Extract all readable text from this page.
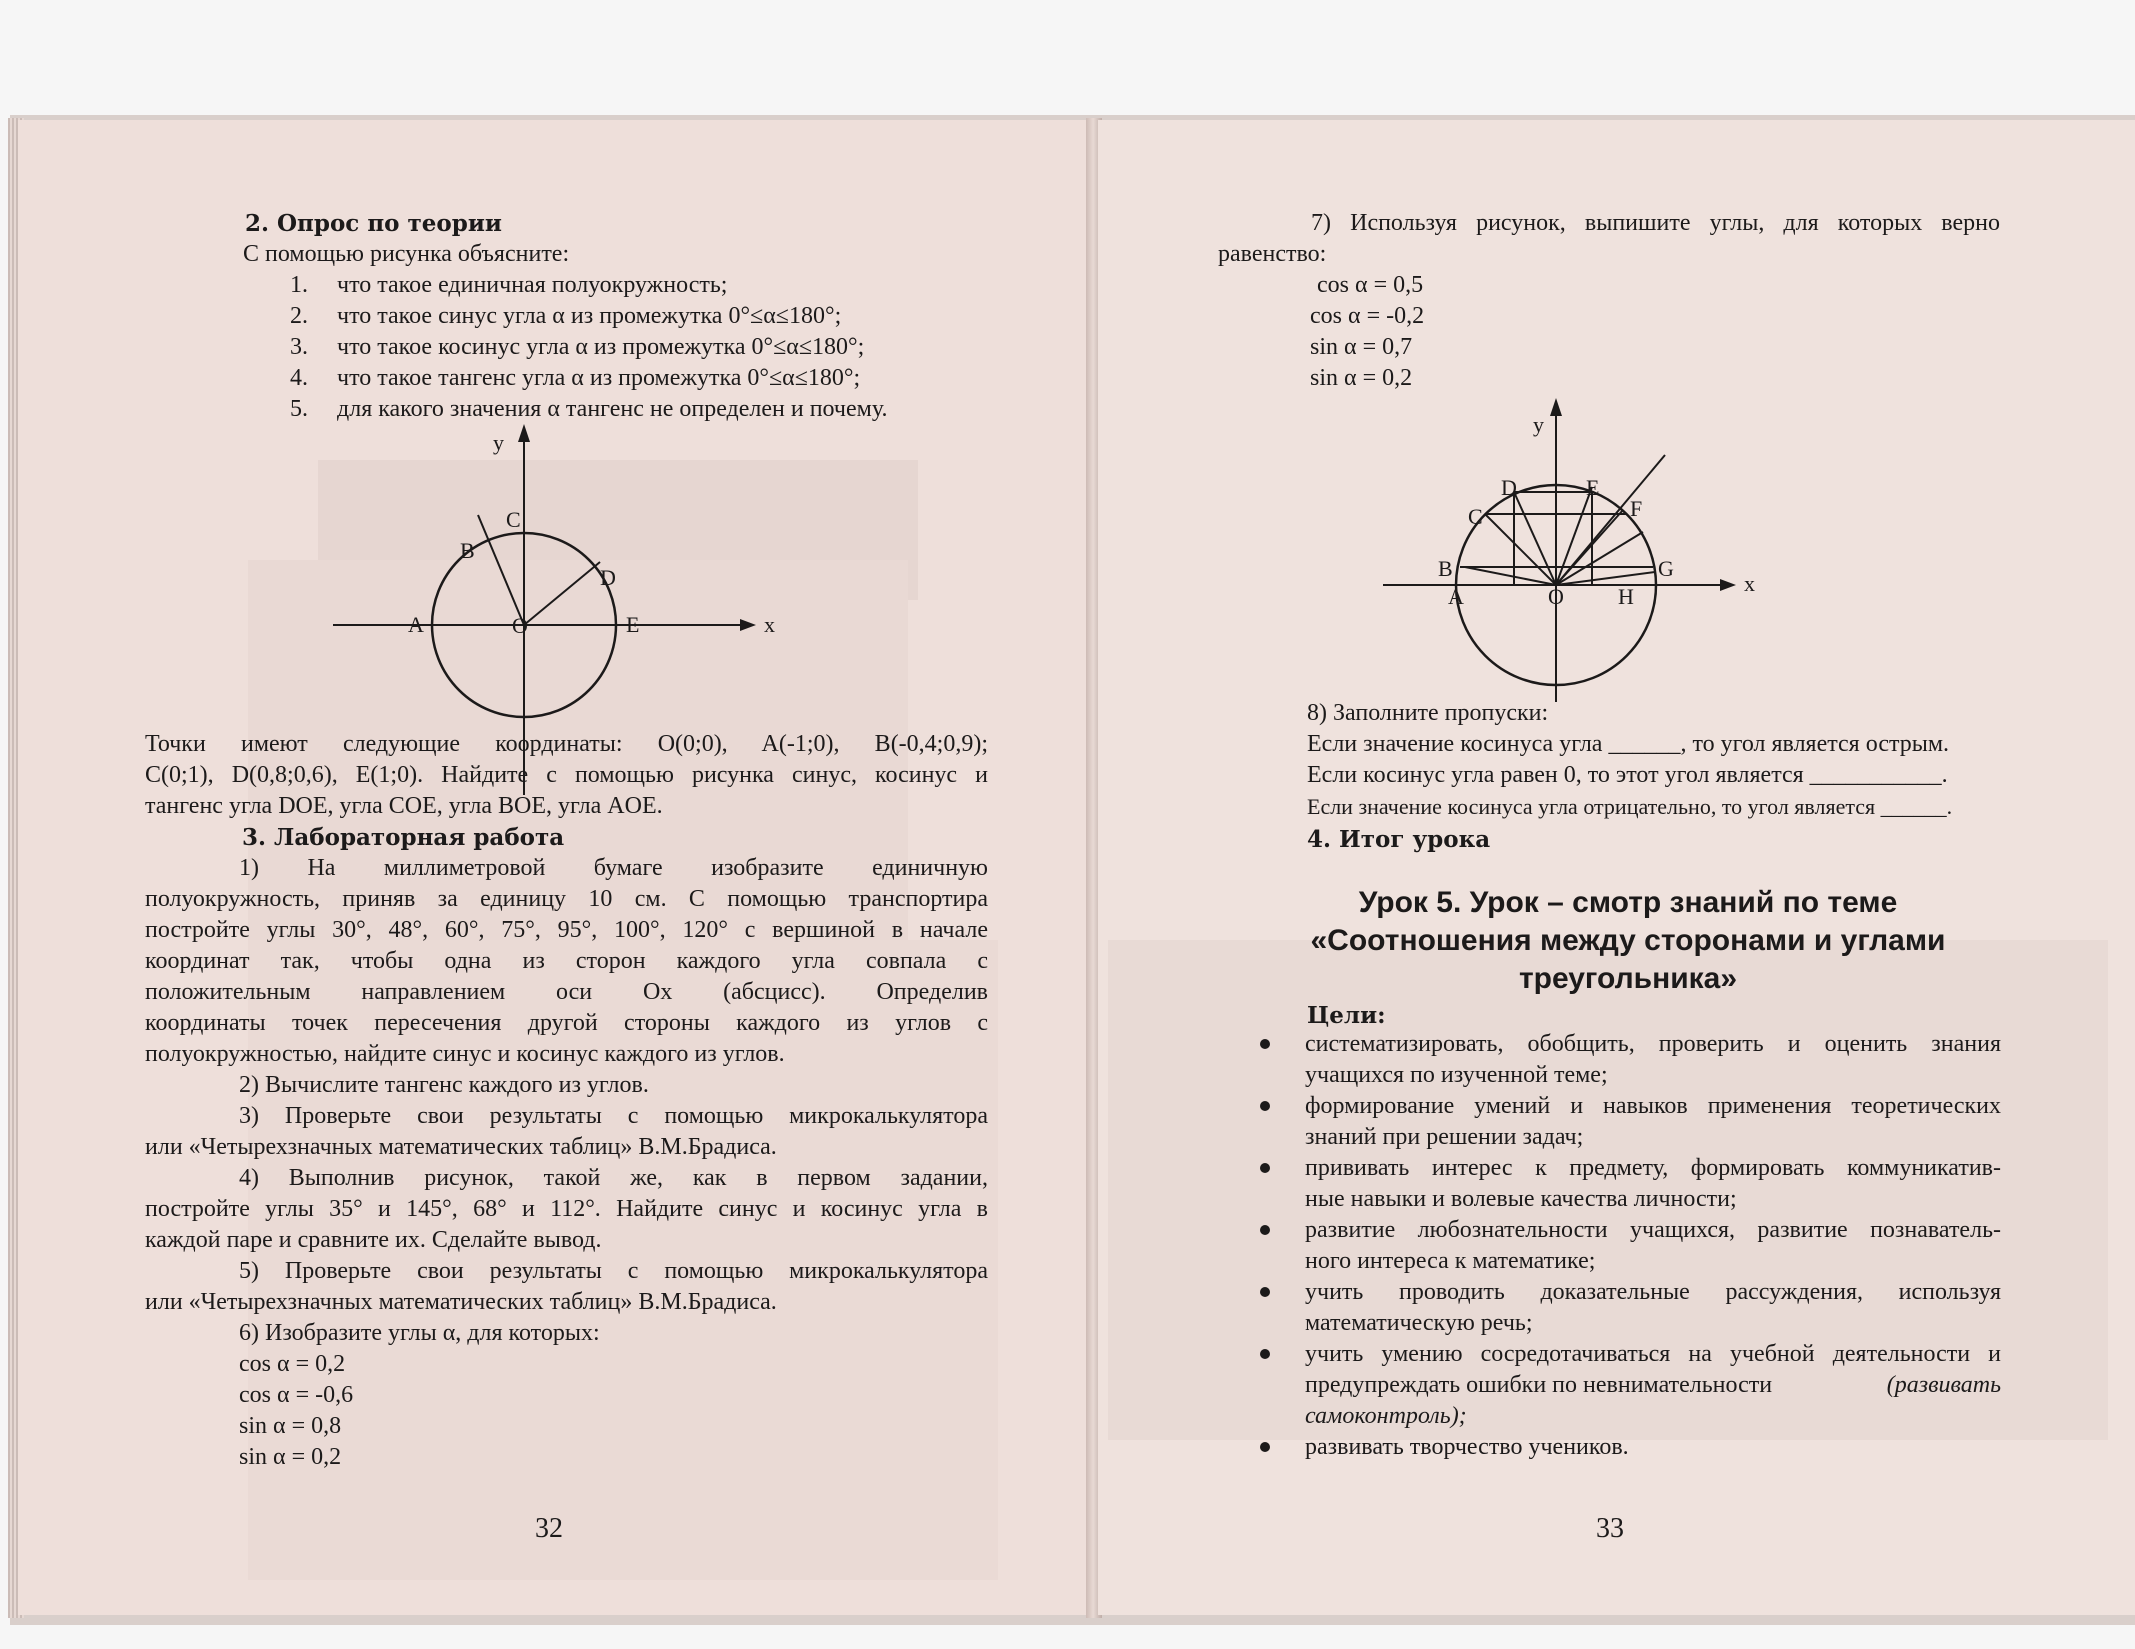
2. Опрос по теории
С помощью рисунка объясните:
1. что такое единичная полуокружность;
2. что такое синус угла α из промежутка 0°≤α≤180°;
3. что такое косинус угла α из промежутка 0°≤α≤180°;
4. что такое тангенс угла α из промежутка 0°≤α≤180°;
5. для какого значения α тангенс не определен и почему.
y
x
A
B
C
D
E
O
Точки имеют следующие координаты: O(0;0), A(-1;0), B(-0,4;0,9);
C(0;1), D(0,8;0,6), E(1;0). Найдите с помощью рисунка синус, косинус и
тангенс угла DOE, угла COE, угла BOE, угла AOE.
3. Лабораторная работа
1) На миллиметровой бумаге изобразите единичную
полуокружность, приняв за единицу 10 см. С помощью транспортира
постройте углы 30°, 48°, 60°, 75°, 95°, 100°, 120° с вершиной в начале
координат так, чтобы одна из сторон каждого угла совпала с
положительным направлением оси Ox (абсцисс). Определив
координаты точек пересечения другой стороны каждого из углов с
полуокружностью, найдите синус и косинус каждого из углов.
2) Вычислите тангенс каждого из углов.
3) Проверьте свои результаты с помощью микрокалькулятора
или «Четырехзначных математических таблиц» В.М.Брадиса.
4) Выполнив рисунок, такой же, как в первом задании,
постройте углы 35° и 145°, 68° и 112°. Найдите синус и косинус угла в
каждой паре и сравните их. Сделайте вывод.
5) Проверьте свои результаты с помощью микрокалькулятора
или «Четырехзначных математических таблиц» В.М.Брадиса.
6) Изобразите углы α, для которых:
cos α = 0,2
cos α = -0,6
sin α = 0,8
sin α = 0,2
32
7) Используя рисунок, выпишите углы, для которых верно
равенство:
cos α = 0,5
cos α = -0,2
sin α = 0,7
sin α = 0,2
y
x
A
B
C
D	E
F
G
H
O
8) Заполните пропуски:
Если значение косинуса угла ______, то угол является острым.
Если косинус угла равен 0, то этот угол является ___________.
Если значение косинуса угла отрицательно, то угол является ______.
4. Итог урока
Урок 5. Урок – смотр знаний по теме
«Соотношения между сторонами и углами
треугольника»
Цели:
систематизировать, обобщить, проверить и оценить знания
учащихся по изученной теме;
формирование умений и навыков применения теоретических
знаний при решении задач;
прививать интерес к предмету, формировать коммуникатив-
ные навыки и волевые качества личности;
развитие любознательности учащихся, развитие познаватель-
ного интереса к математике;
учить проводить доказательные рассуждения, используя
математическую речь;
учить умению сосредотачиваться на учебной деятельности и
предупреждать ошибки по невнимательности	(развивать
самоконтроль);
развивать творчество учеников.
33
